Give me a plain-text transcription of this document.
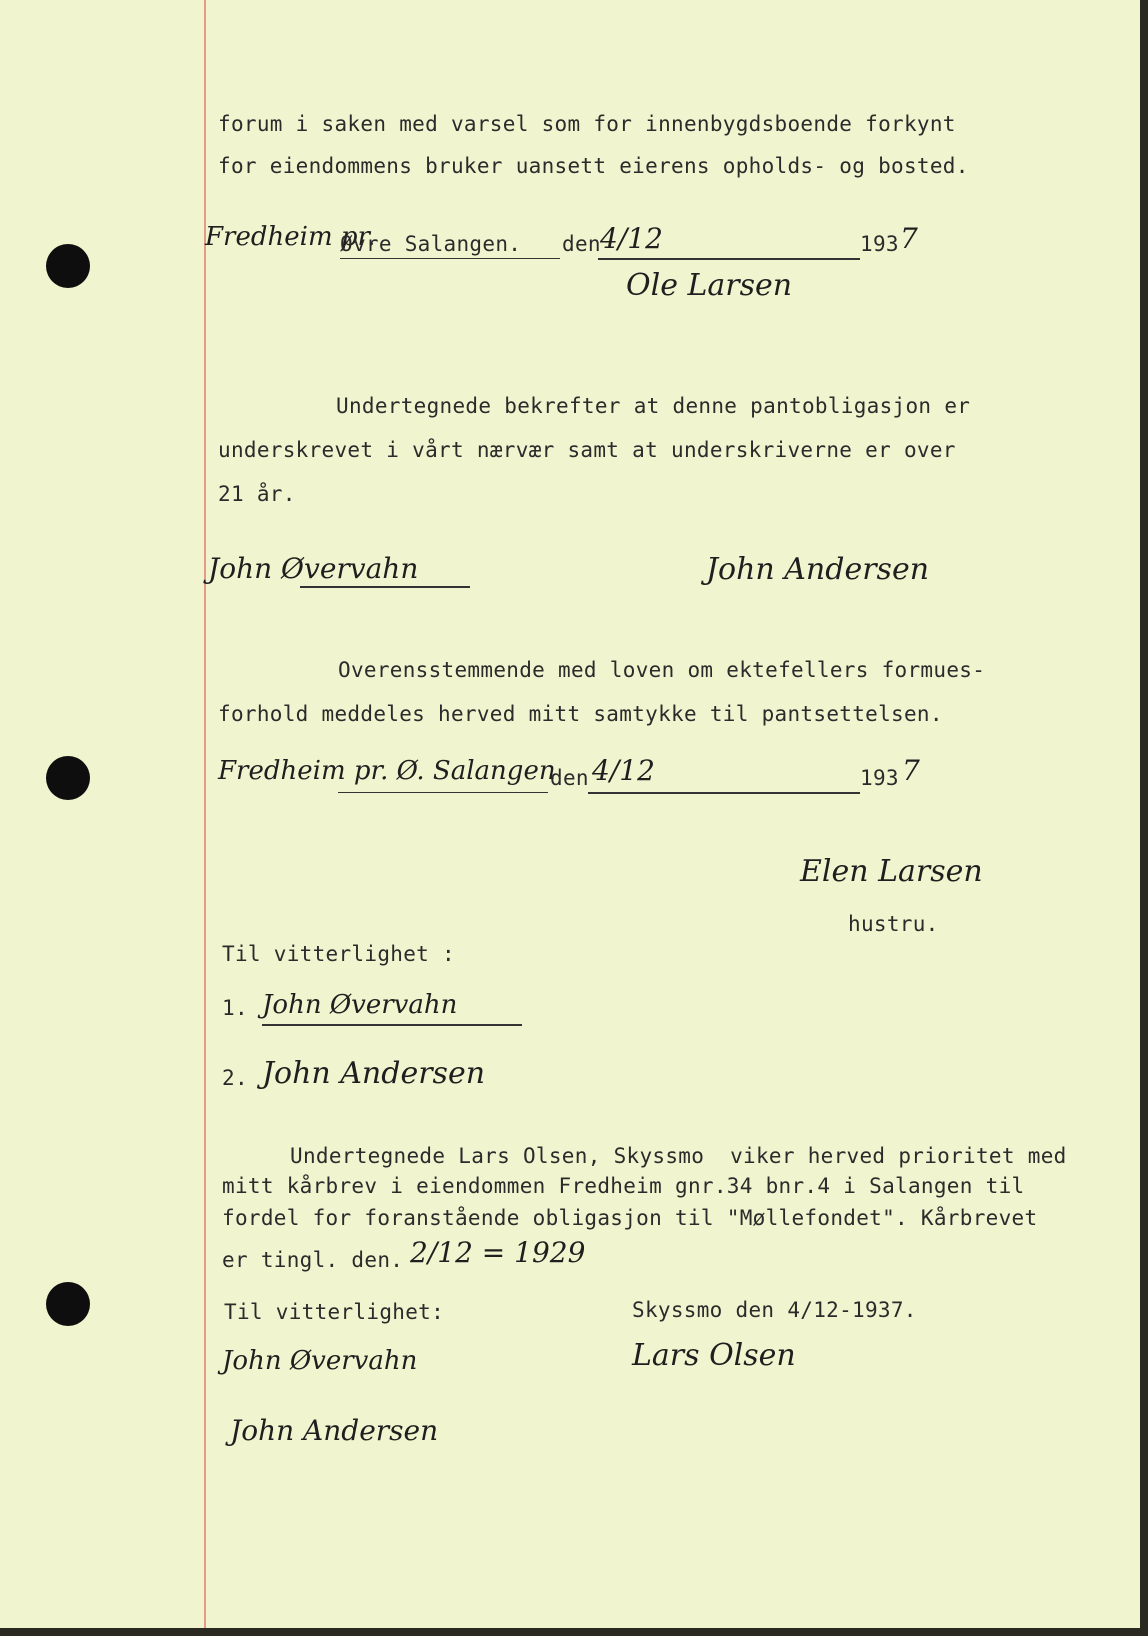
forum i saken med varsel som for innenbygdsboende forkynt
for eiendommens bruker uansett eierens opholds- og bosted.
Fredheim pr.
Øvre Salangen. den 4/12	193 7
Ole Larsen
Undertegnede bekrefter at denne pantobligasjon er
underskrevet i vårt nærvær samt at underskriverne er over
21 år.
John Øvervahn	John Andersen
Overensstemmende med loven om ektefellers formues-
forhold meddeles herved mitt samtykke til pantsettelsen.
Fredheim pr. Ø. Salangen
den 4/12	193 7
Elen Larsen
hustru.
Til vitterlighet :
1. John Øvervahn
2. John Andersen
Undertegnede Lars Olsen, Skyssmo  viker herved prioritet med
mitt kårbrev i eiendommen Fredheim gnr.34 bnr.4 i Salangen til
fordel for foranstående obligasjon til "Møllefondet". Kårbrevet
er tingl. den. 2/12 = 1929
Til vitterlighet:
John Øvervahn
John Andersen
Skyssmo den 4/12-1937.
Lars Olsen
